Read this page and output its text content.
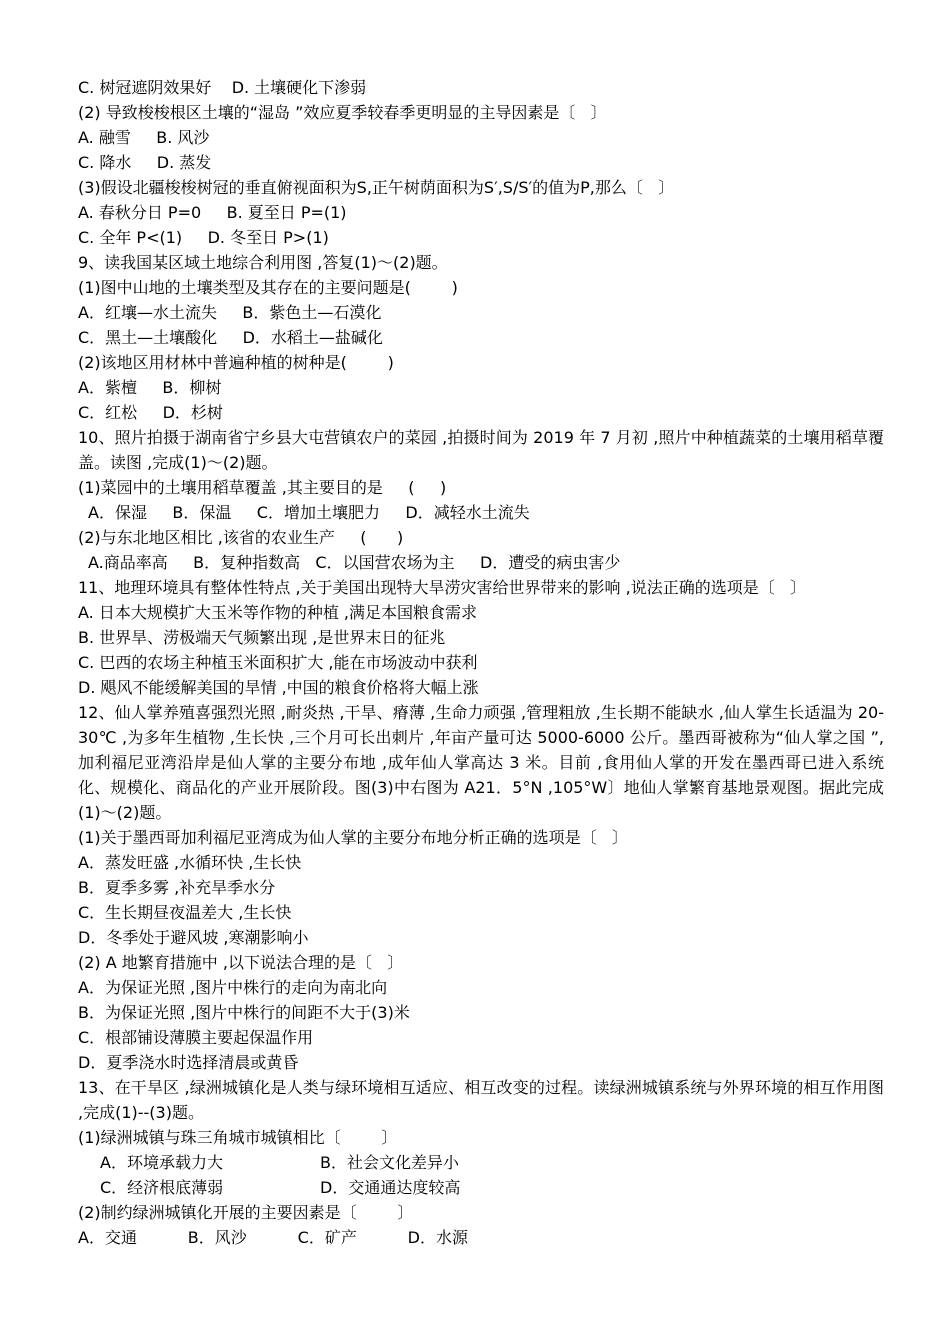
C. 树冠遮阴效果好    D. 土壤硬化下渗弱
(2) 导致梭梭根区土壤的“湿岛 ”效应夏季较春季更明显的主导因素是〔   〕
A. 融雪     B. 风沙
C. 降水     D. 蒸发
(3)假设北疆梭梭树冠的垂直俯视面积为S,正午树荫面积为S′,S/S′的值为P,那么〔   〕
A. 春秋分日 P=0     B. 夏至日 P=(1)
C. 全年 P<(1)     D. 冬至日 P>(1)
9、读我国某区域土地综合利用图 ,答复(1)～(2)题。
(1)图中山地的土壤类型及其存在的主要问题是(        )
A．红壤—水土流失     B．紫色土—石漠化
C．黑土—土壤酸化     D．水稻土—盐碱化
(2)该地区用材林中普遍种植的树种是(        )
A．紫檀     B．柳树
C．红松     D．杉树
10、照片拍摄于湖南省宁乡县大屯营镇农户的菜园 ,拍摄时间为 2019 年 7 月初 ,照片中种植蔬菜的土壤用稻草覆盖。读图 ,完成(1)～(2)题。
(1)菜园中的土壤用稻草覆盖 ,其主要目的是     (     )
A．保湿     B．保温     C．增加土壤肥力     D．减轻水土流失
(2)与东北地区相比 ,该省的农业生产     (      )
A.商品率高     B．复种指数高   C．以国营农场为主     D．遭受的病虫害少
11、地理环境具有整体性特点 ,关于美国出现特大旱涝灾害给世界带来的影响 ,说法正确的选项是〔   〕
A. 日本大规模扩大玉米等作物的种植 ,满足本国粮食需求
B. 世界旱、涝极端天气频繁出现 ,是世界末日的征兆
C. 巴西的农场主种植玉米面积扩大 ,能在市场波动中获利
D. 飓风不能缓解美国的旱情 ,中国的粮食价格将大幅上涨
12、仙人掌养殖喜强烈光照 ,耐炎热 ,干旱、瘠薄 ,生命力顽强 ,管理粗放 ,生长期不能缺水 ,仙人掌生长适温为 20-30℃ ,为多年生植物 ,生长快 ,三个月可长出刺片 ,年亩产量可达 5000-6000 公斤。墨西哥被称为“仙人掌之国 ”,加利福尼亚湾沿岸是仙人掌的主要分布地 ,成年仙人掌高达 3 米。目前 ,食用仙人掌的开发在墨西哥已进入系统化、规模化、商品化的产业开展阶段。图(3)中右图为 A21．5°N ,105°W〕地仙人掌繁育基地景观图。据此完成(1)～(2)题。
(1)关于墨西哥加利福尼亚湾成为仙人掌的主要分布地分析正确的选项是〔   〕
A．蒸发旺盛 ,水循环快 ,生长快
B．夏季多雾 ,补充旱季水分
C．生长期昼夜温差大 ,生长快
D．冬季处于避风坡 ,寒潮影响小
(2) A 地繁育措施中 ,以下说法合理的是〔   〕
A．为保证光照 ,图片中株行的走向为南北向
B．为保证光照 ,图片中株行的间距不大于(3)米
C．根部铺设薄膜主要起保温作用
D．夏季浇水时选择清晨或黄昏
13、在干旱区 ,绿洲城镇化是人类与绿环境相互适应、相互改变的过程。读绿洲城镇系统与外界环境的相互作用图 ,完成(1)--(3)题。
(1)绿洲城镇与珠三角城市城镇相比〔        〕
A．环境承载力大	B．社会文化差异小
C．经济根底薄弱	D．交通通达度较高
(2)制约绿洲城镇化开展的主要因素是〔        〕
A．交通          B．风沙          C．矿产          D．水源
